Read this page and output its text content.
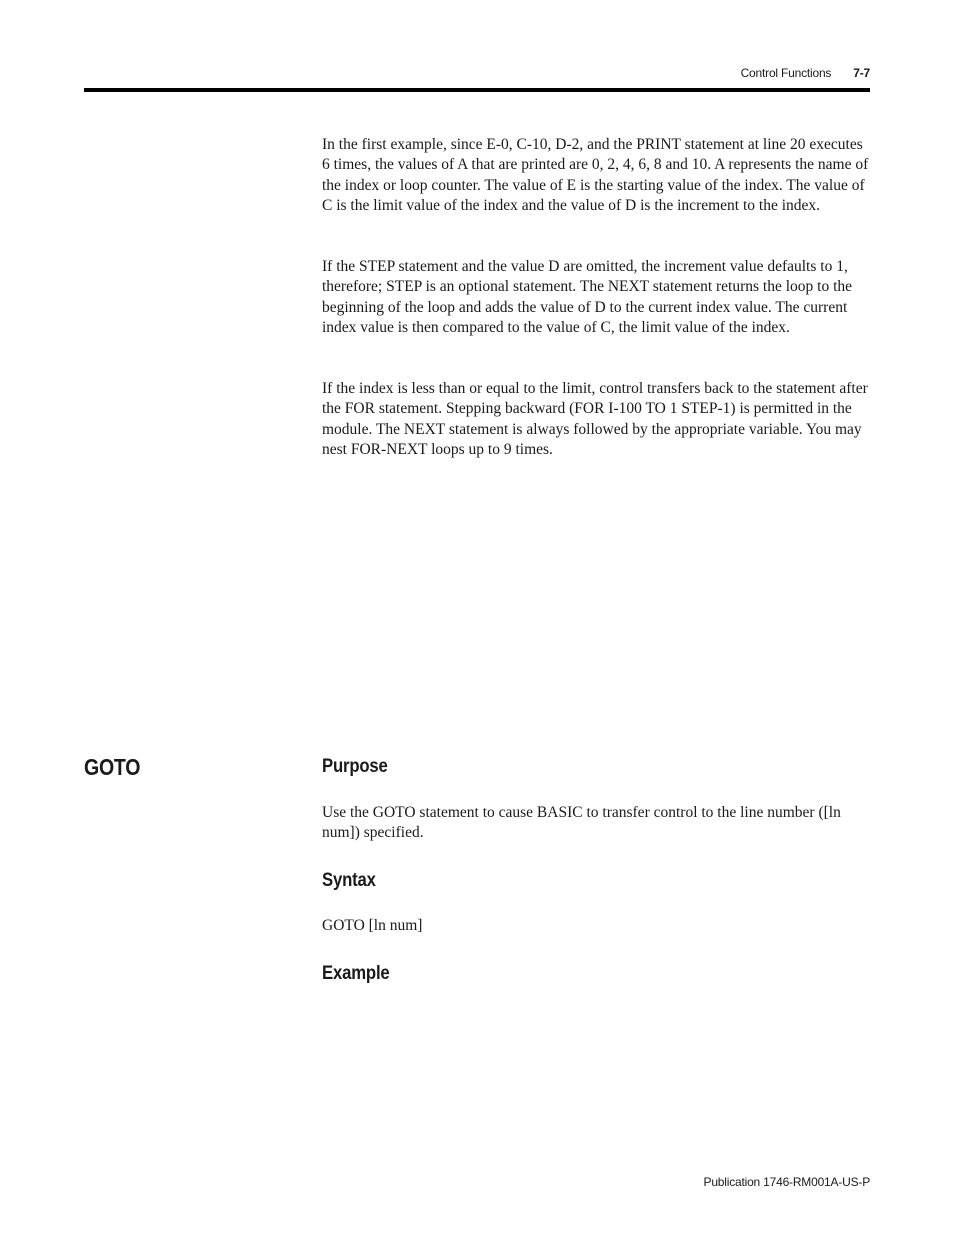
Control Functions 7-7

In the first example, since E-0, C-10, D-2, and the PRINT statement at line 20 executes 6 times, the values of A that are printed are 0, 2, 4, 6, 8 and 10. A represents the name of the index or loop counter. The value of E is the starting value of the index. The value of C is the limit value of the index and the value of D is the increment to the index.

If the STEP statement and the value D are omitted, the increment value defaults to 1, therefore; STEP is an optional statement. The NEXT statement returns the loop to the beginning of the loop and adds the value of D to the current index value. The current index value is then compared to the value of C, the limit value of the index.

If the index is less than or equal to the limit, control transfers back to the statement after the FOR statement. Stepping backward (FOR I-100 TO 1 STEP-1) is permitted in the module. The NEXT statement is always followed by the appropriate variable. You may nest FOR-NEXT loops up to 9 times.

GOTO	Purpose

Use the GOTO statement to cause BASIC to transfer control to the line number ([ln num]) specified.

Syntax

GOTO [ln num]

Example
Publication 1746-RM001A-US-P
